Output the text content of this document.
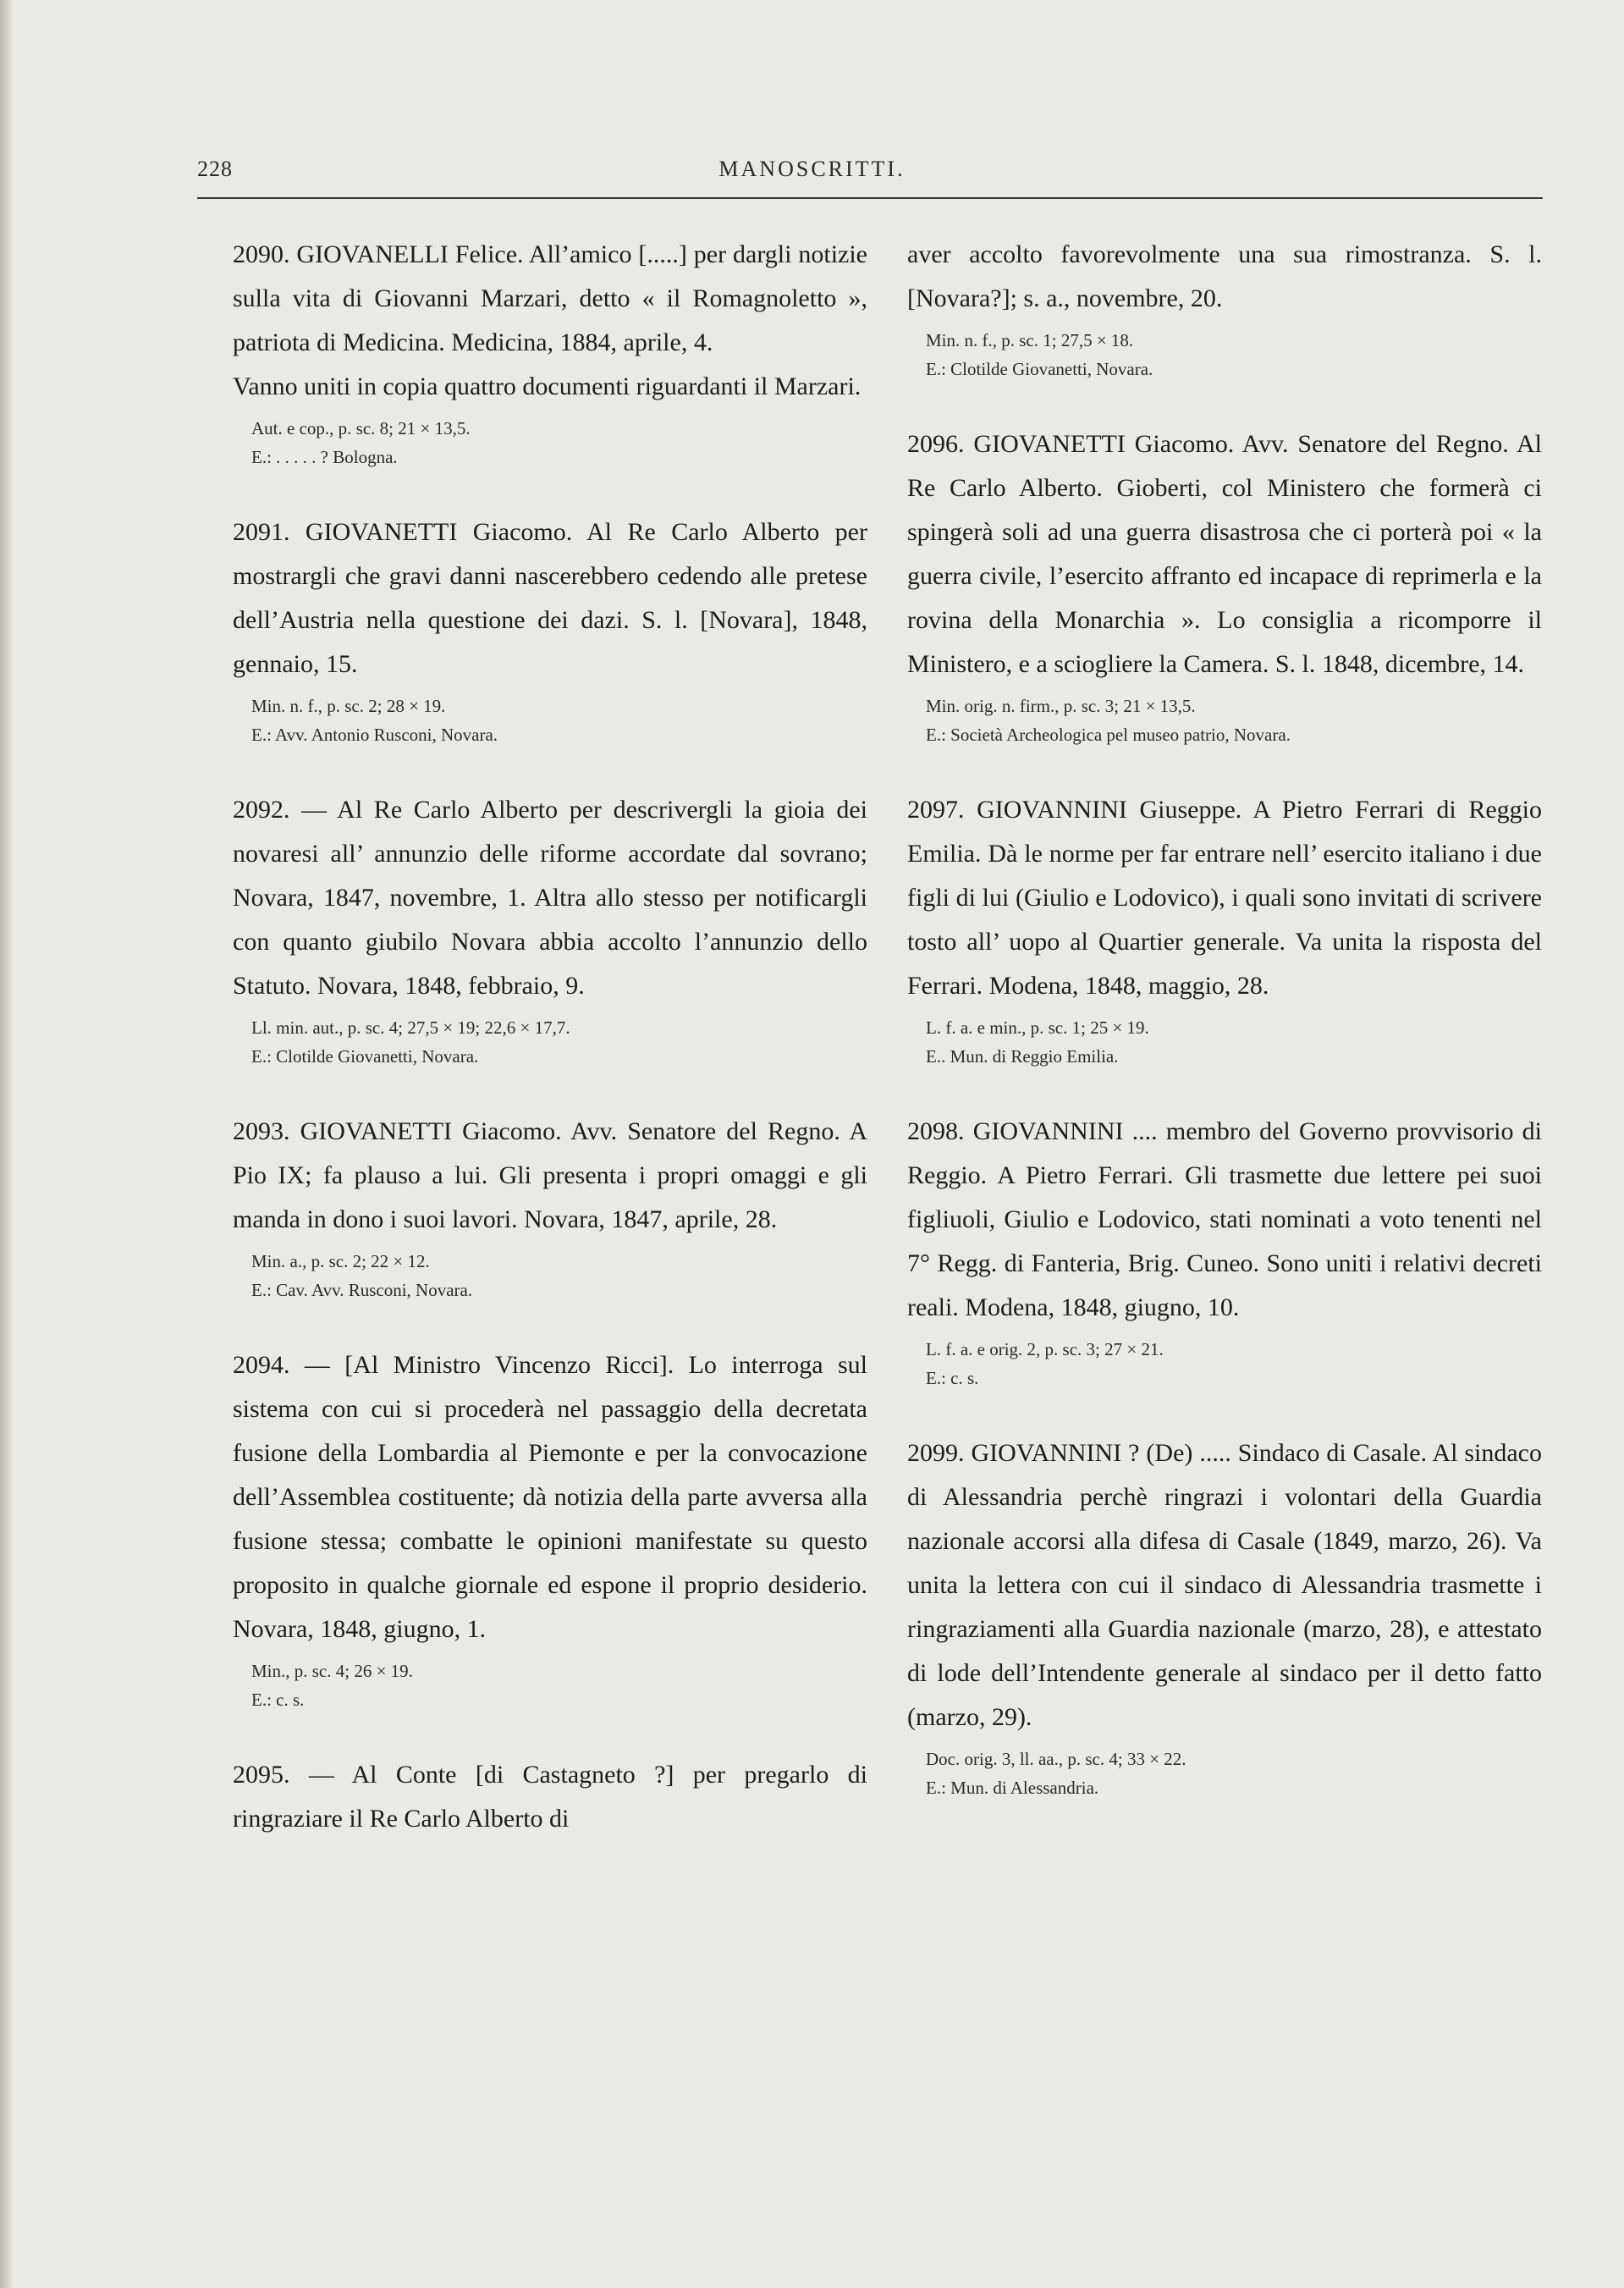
228	MANOSCRITTI.
2090. GIOVANELLI Felice. All’amico [.....] per dargli notizie sulla vita di Giovanni Marzari, detto « il Romagnoletto », patriota di Medicina. Medicina, 1884, aprile, 4.
Vanno uniti in copia quattro documenti riguardanti il Marzari.
Aut. e cop., p. sc. 8; 21 × 13,5.
E.: . . . . . ? Bologna.
2091. GIOVANETTI Giacomo. Al Re Carlo Alberto per mostrargli che gravi danni nascerebbero cedendo alle pretese dell’Austria nella questione dei dazi. S. l. [Novara], 1848, gennaio, 15.
Min. n. f., p. sc. 2; 28 × 19.
E.: Avv. Antonio Rusconi, Novara.
2092. — Al Re Carlo Alberto per descrivergli la gioia dei novaresi all’ annunzio delle riforme accordate dal sovrano; Novara, 1847, novembre, 1. Altra allo stesso per notificargli con quanto giubilo Novara abbia accolto l’annunzio dello Statuto. Novara, 1848, febbraio, 9.
Ll. min. aut., p. sc. 4; 27,5 × 19; 22,6 × 17,7.
E.: Clotilde Giovanetti, Novara.
2093. GIOVANETTI Giacomo. Avv. Senatore del Regno. A Pio IX; fa plauso a lui. Gli presenta i propri omaggi e gli manda in dono i suoi lavori. Novara, 1847, aprile, 28.
Min. a., p. sc. 2; 22 × 12.
E.: Cav. Avv. Rusconi, Novara.
2094. — [Al Ministro Vincenzo Ricci]. Lo interroga sul sistema con cui si procederà nel passaggio della decretata fusione della Lombardia al Piemonte e per la convocazione dell’Assemblea costituente; dà notizia della parte avversa alla fusione stessa; combatte le opinioni manifestate su questo proposito in qualche giornale ed espone il proprio desiderio. Novara, 1848, giugno, 1.
Min., p. sc. 4; 26 × 19.
E.: c. s.
2095. — Al Conte [di Castagneto ?] per pregarlo di ringraziare il Re Carlo Alberto di
aver accolto favorevolmente una sua rimostranza. S. l. [Novara?]; s. a., novembre, 20.
Min. n. f., p. sc. 1; 27,5 × 18.
E.: Clotilde Giovanetti, Novara.
2096. GIOVANETTI Giacomo. Avv. Senatore del Regno. Al Re Carlo Alberto. Gioberti, col Ministero che formerà ci spingerà soli ad una guerra disastrosa che ci porterà poi « la guerra civile, l’esercito affranto ed incapace di reprimerla e la rovina della Monarchia ». Lo consiglia a ricomporre il Ministero, e a sciogliere la Camera. S. l. 1848, dicembre, 14.
Min. orig. n. firm., p. sc. 3; 21 × 13,5.
E.: Società Archeologica pel museo patrio, Novara.
2097. GIOVANNINI Giuseppe. A Pietro Ferrari di Reggio Emilia. Dà le norme per far entrare nell’ esercito italiano i due figli di lui (Giulio e Lodovico), i quali sono invitati di scrivere tosto all’ uopo al Quartier generale. Va unita la risposta del Ferrari. Modena, 1848, maggio, 28.
L. f. a. e min., p. sc. 1; 25 × 19.
E.. Mun. di Reggio Emilia.
2098. GIOVANNINI .... membro del Governo provvisorio di Reggio. A Pietro Ferrari. Gli trasmette due lettere pei suoi figliuoli, Giulio e Lodovico, stati nominati a voto tenenti nel 7° Regg. di Fanteria, Brig. Cuneo. Sono uniti i relativi decreti reali. Modena, 1848, giugno, 10.
L. f. a. e orig. 2, p. sc. 3; 27 × 21.
E.: c. s.
2099. GIOVANNINI ? (De) ..... Sindaco di Casale. Al sindaco di Alessandria perchè ringrazi i volontari della Guardia nazionale accorsi alla difesa di Casale (1849, marzo, 26). Va unita la lettera con cui il sindaco di Alessandria trasmette i ringraziamenti alla Guardia nazionale (marzo, 28), e attestato di lode dell’Intendente generale al sindaco per il detto fatto (marzo, 29).
Doc. orig. 3, ll. aa., p. sc. 4; 33 × 22.
E.: Mun. di Alessandria.
